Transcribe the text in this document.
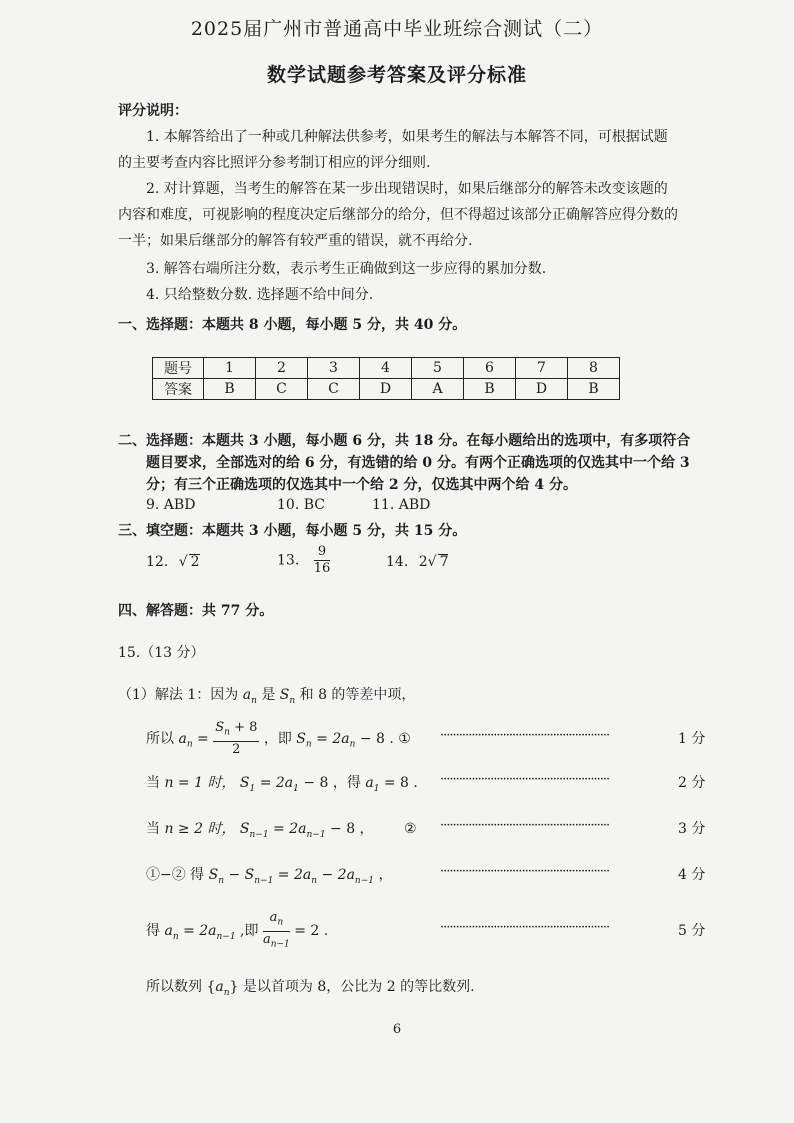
2025届广州市普通高中毕业班综合测试（二）
数学试题参考答案及评分标准
评分说明：
1. 本解答给出了一种或几种解法供参考，如果考生的解法与本解答不同，可根据试题
的主要考查内容比照评分参考制订相应的评分细则.
2. 对计算题，当考生的解答在某一步出现错误时，如果后继部分的解答未改变该题的
内容和难度，可视影响的程度决定后继部分的给分，但不得超过该部分正确解答应得分数的
一半；如果后继部分的解答有较严重的错误，就不再给分.
3. 解答右端所注分数，表示考生正确做到这一步应得的累加分数.
4. 只给整数分数. 选择题不给中间分.
一、选择题：本题共 8 小题，每小题 5 分，共 40 分。
题号	1	2	3	4	5	6	7	8
答案	B	C	C	D	A	B	D	B
二、选择题：本题共 3 小题，每小题 6 分，共 18 分。在每小题给出的选项中，有多项符合
题目要求，全部选对的给 6 分，有选错的给 0 分。有两个正确选项的仅选其中一个给 3
分；有三个正确选项的仅选其中一个给 2 分，仅选其中两个给 4 分。
9. ABD	10. BC	11. ABD
三、填空题：本题共 3 小题，每小题 5 分，共 15 分。
12. √ 2	13. $\frac{9}{16}$	14. 2√ 7
四、解答题：共 77 分。
15.（13 分）
（1）解法 1：因为 $a_n$ 是 $S_n$ 和 8 的等差中项，
所以 $a_n = \frac{S_n + 8}{2}$ ，即 $S_n = 2a_n - 8$ . ① ······················································	1 分
当 n = 1 时， $S_1 = 2a_1 - 8$ ，得 $a_1 = 8$ . ······················································	2 分
当 n ≥ 2 时， $S_{n-1} = 2a_{n-1} - 8$ ， ② ······················································	3 分
①−② 得 $S_n - S_{n-1} = 2a_n - 2a_{n-1}$ ，	······················································	4 分
得 $a_n = 2a_{n-1}$ ,即 $\frac{a_n}{a_{n-1}} = 2$ .	······················································	5 分
所以数列 $\{a_n\}$ 是以首项为 8，公比为 2 的等比数列.
6
